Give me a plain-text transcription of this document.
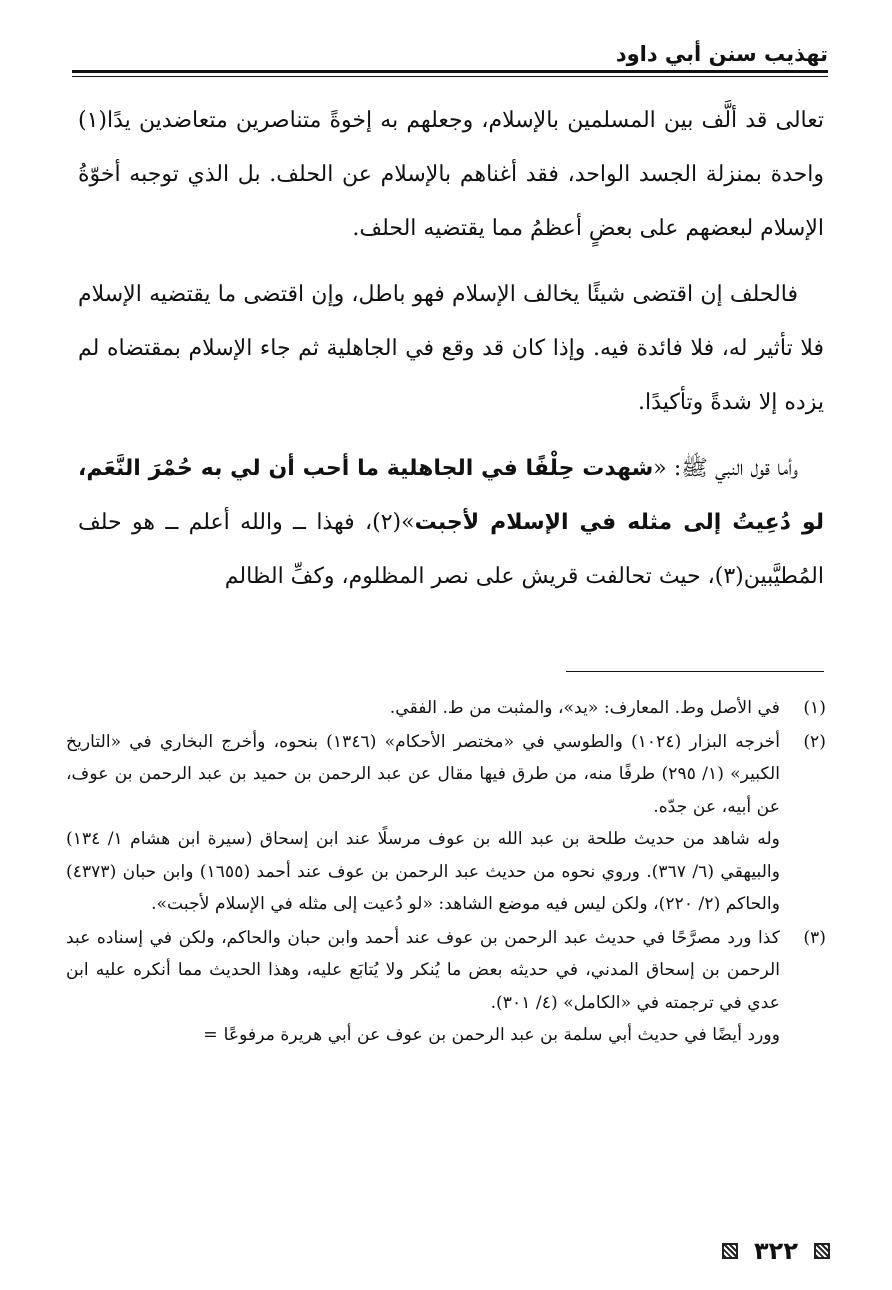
تهذيب سنن أبي داود

تعالى قد ألَّف بين المسلمين بالإسلام، وجعلهم به إخوةً متناصرين متعاضدين يدًا(١) واحدة بمنزلة الجسد الواحد، فقد أغناهم بالإسلام عن الحلف. بل الذي توجبه أخوّةُ الإسلام لبعضهم على بعضٍ أعظمُ مما يقتضيه الحلف.

فالحلف إن اقتضى شيئًا يخالف الإسلام فهو باطل، وإن اقتضى ما يقتضيه الإسلام فلا تأثير له، فلا فائدة فيه. وإذا كان قد وقع في الجاهلية ثم جاء الإسلام بمقتضاه لم يزده إلا شدةً وتأكيدًا.

وأما قول النبي ﷺ: «شهدت حِلْفًا في الجاهلية ما أحب أن لي به حُمْرَ النَّعَم، لو دُعِيتُ إلى مثله في الإسلام لأجبت»(٢)، فهذا ــ والله أعلم ــ هو حلف المُطيَّبين(٣)، حيث تحالفت قريش على نصر المظلوم، وكفِّ الظالم

(١)

في الأصل وط. المعارف: «يد»، والمثبت من ط. الفقي.

(٢)

أخرجه البزار (١٠٢٤) والطوسي في «مختصر الأحكام» (١٣٤٦) بنحوه، وأخرج البخاري في «التاريخ الكبير» (١/ ٢٩٥) طرفًا منه، من طرق فيها مقال عن عبد الرحمن بن حميد بن عبد الرحمن بن عوف، عن أبيه، عن جدّه.

وله شاهد من حديث طلحة بن عبد الله بن عوف مرسلًا عند ابن إسحاق (سيرة ابن هشام ١/ ١٣٤) والبيهقي (٦/ ٣٦٧). وروي نحوه من حديث عبد الرحمن بن عوف عند أحمد (١٦٥٥) وابن حبان (٤٣٧٣) والحاكم (٢/ ٢٢٠)، ولكن ليس فيه موضع الشاهد: «لو دُعيت إلى مثله في الإسلام لأجبت».

(٣)

كذا ورد مصرَّحًا في حديث عبد الرحمن بن عوف عند أحمد وابن حبان والحاكم، ولكن في إسناده عبد الرحمن بن إسحاق المدني، في حديثه بعض ما يُنكر ولا يُتابَع عليه، وهذا الحديث مما أنكره عليه ابن عدي في ترجمته في «الكامل» (٤/ ٣٠١).

وورد أيضًا في حديث أبي سلمة بن عبد الرحمن بن عوف عن أبي هريرة مرفوعًا=

٣٢٢
